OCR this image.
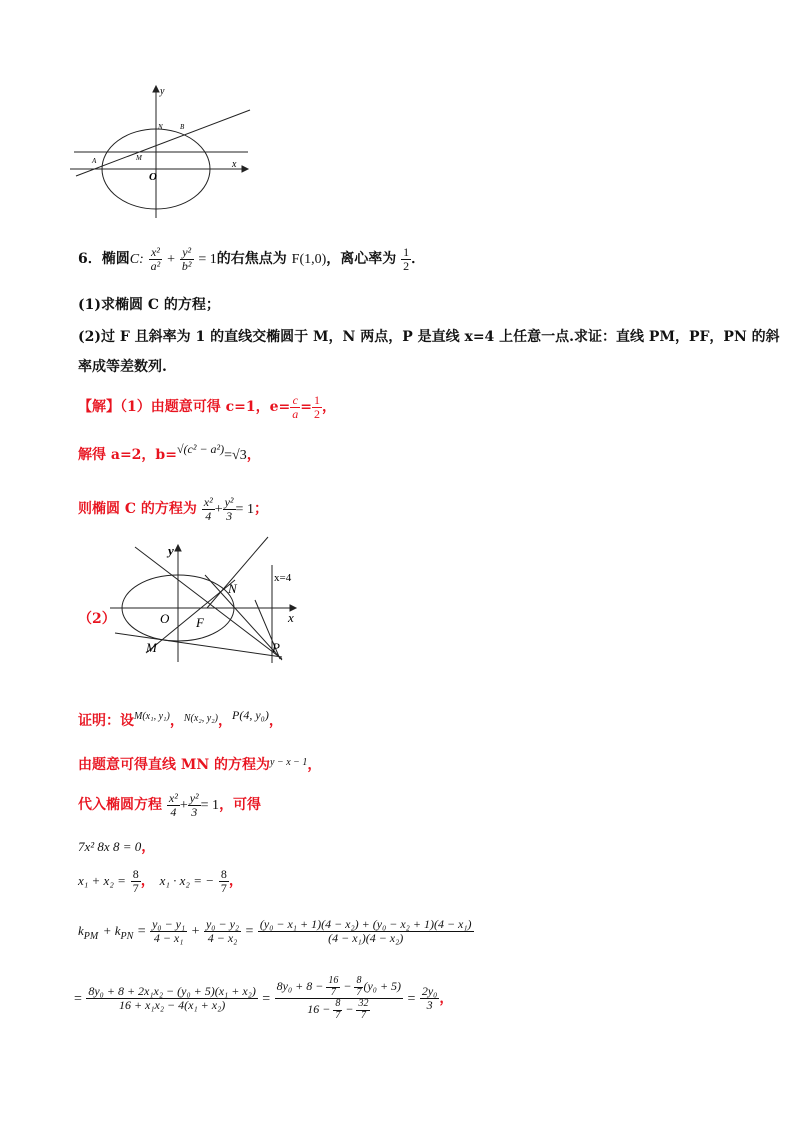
y
x
O
N B
A	M
6．椭圆C: $\frac{\text{x²}}{\text{a²}} + \frac{\text{y²}}{\text{b²}} = 1$的右焦点为 F(1,0)，离心率为 $\frac{1}{2}$ ．
(1)求椭圆 C 的方程；
(2)过 F 且斜率为 1 的直线交椭圆于 M，N 两点，P 是直线 x=4 上任意一点.求证：直线 PM，PF，PN 的斜
率成等差数列.
【解】（1）由题意可得 c=1，$e= \frac{c}{a} = \frac{1}{2}$ ，
解得 a=2，b=√(c² − a²)=√3，
则椭圆 C 的方程为 $\frac{\text{x²}}{4} + \frac{\text{y²}}{3} = 1$；
（2）
y
x
x=4
O F
N
M	P
证明：设$^{M(x_1, y_1)}$，$^{N(x_2, y_2)}$，P(4, y₀)，
由题意可得直线 MN 的方程为$^{y - x - 1}$，
代入椭圆方程 $\frac{\text{x²}}{4} + \frac{\text{y²}}{3} = 1$，可得
7x² 8x 8 = 0，
$x_1 + x_2 = \frac{8}{7}$ ， x₁ · x₂ = − $\frac{8}{7}$ ，
$k_{PM} + k_{PN} = \frac{\text{y₀ − y₁}}{\text{4 − x₁}} + \frac{\text{y₀ − y₂}}{\text{4 − x₂}} = \frac{\text{(y₀ − x₁ + 1)(4 − x₂) + (y₀ − x₂ + 1)(4 − x₁)}}{\text{(4 − x₁)(4 − x₂)}}$
= $\frac{\text{8y₀ + 8 + 2x₁x₂ − (y₀ + 5)(x₁ + x₂)}}{\text{16 + x₁x₂ − 4(x₁ + x₂)}} = \frac{8y_0 + 8 - \frac{16}{7} - \frac{8}{7} (y_0 + 5)}{16 - \frac{8}{7} - \frac{32}{7}} = \frac{\text{2y₀}}{3}$ ，
